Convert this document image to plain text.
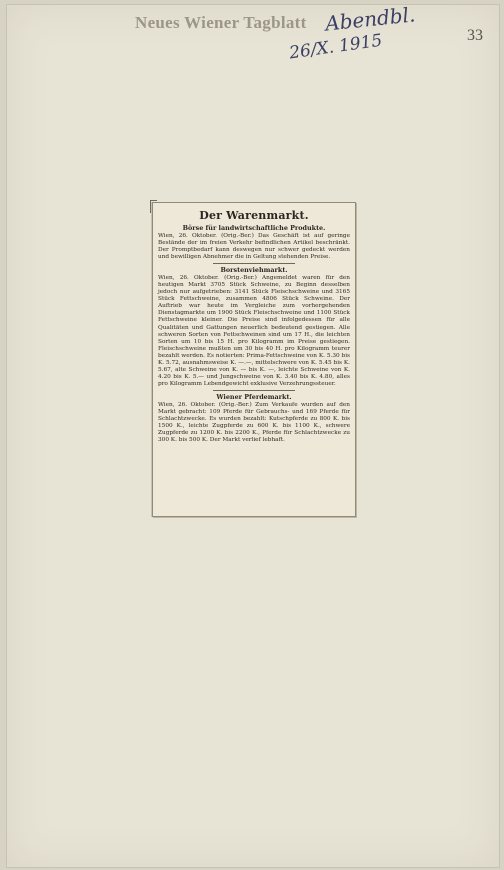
Neues Wiener Tagblatt Abendbl.
26/X. 1915	33
Der Warenmarkt.
Börse für landwirtschaftliche Produkte.
Wien, 26. Oktober. (Orig.-Ber.) Das Geschäft ist auf geringe Bestände der im freien Verkehr befindlichen Artikel beschränkt. Der Promptbedarf kann deswegen nur schwer gedeckt werden und bewilligen Abnehmer die in Geltung stehenden Preise.
Borstenviehmarkt.
Wien, 26. Oktober. (Orig.-Ber.) Angemeldet waren für den heutigen Markt 3705 Stück Schweine, zu Beginn desselben jedoch nur aufgetrieben: 3141 Stück Fleischschweine und 3165 Stück Fettschweine, zusammen 4806 Stück Schweine. Der Auftrieb war heute im Vergleiche zum vorhergehenden Dienstagmarkte um 1900 Stück Fleischschweine und 1100 Stück Fettschweine kleiner. Die Preise sind infolgedessen für alle Qualitäten und Gattungen neuerlich bedeutend gestiegen. Alle schweren Sorten von Fettschweinen sind um 17 H., die leichten Sorten um 10 bis 15 H. pro Kilogramm im Preise gestiegen. Fleischschweine mußten um 30 bis 40 H. pro Kilogramm teurer bezahlt werden. Es notierten: Prima-Fettschweine von K. 5.30 bis K. 5.72, ausnahmsweise K. —.—, mittelschwere von K. 5.45 bis K. 5.67, alte Schweine von K. — bis K. —, leichte Schweine von K. 4.20 bis K. 5.— und Jungschweine von K. 3.40 bis K. 4.80, alles pro Kilogramm Lebendgewicht exklusive Verzehrungssteuer.
Wiener Pferdemarkt.
Wien, 26. Oktober. (Orig.-Ber.) Zum Verkaufe wurden auf den Markt gebracht: 109 Pferde für Gebrauchs- und 169 Pferde für Schlachtzwecke. Es wurden bezahlt: Kutschpferde zu 800 K. bis 1500 K., leichte Zugpferde zu 600 K. bis 1100 K., schwere Zugpferde zu 1200 K. bis 2200 K., Pferde für Schlachtzwecke zu 300 K. bis 500 K. Der Markt verlief lebhaft.
